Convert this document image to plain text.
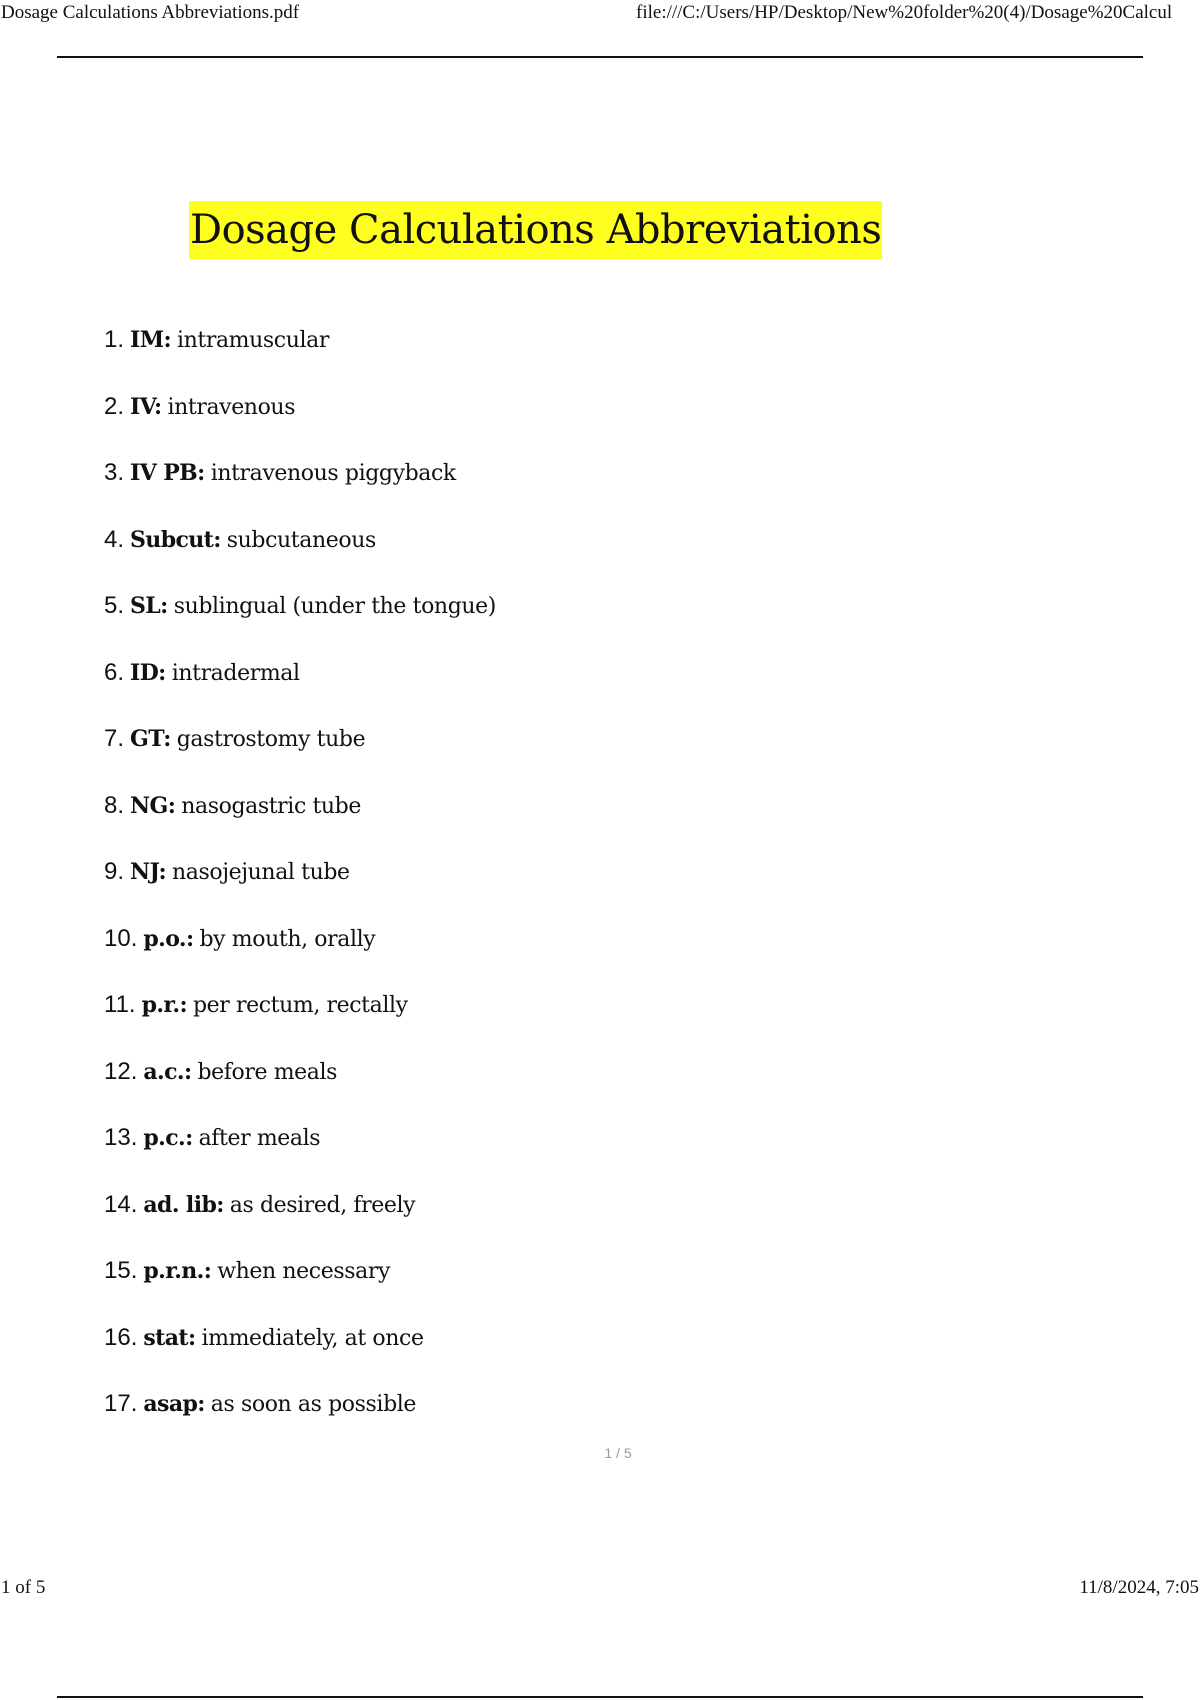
Dosage Calculations Abbreviations.pdf	file:///C:/Users/HP/Desktop/New%20folder%20(4)/Dosage%20Calcul
Dosage Calculations Abbreviations
1. IM: intramuscular
2. IV: intravenous
3. IV PB: intravenous piggyback
4. Subcut: subcutaneous
5. SL: sublingual (under the tongue)
6. ID: intradermal
7. GT: gastrostomy tube
8. NG: nasogastric tube
9. NJ: nasojejunal tube
10. p.o.: by mouth, orally
11. p.r.: per rectum, rectally
12. a.c.: before meals
13. p.c.: after meals
14. ad. lib: as desired, freely
15. p.r.n.: when necessary
16. stat: immediately, at once
17. asap: as soon as possible
1 / 5
1 of 5	11/8/2024, 7:05
